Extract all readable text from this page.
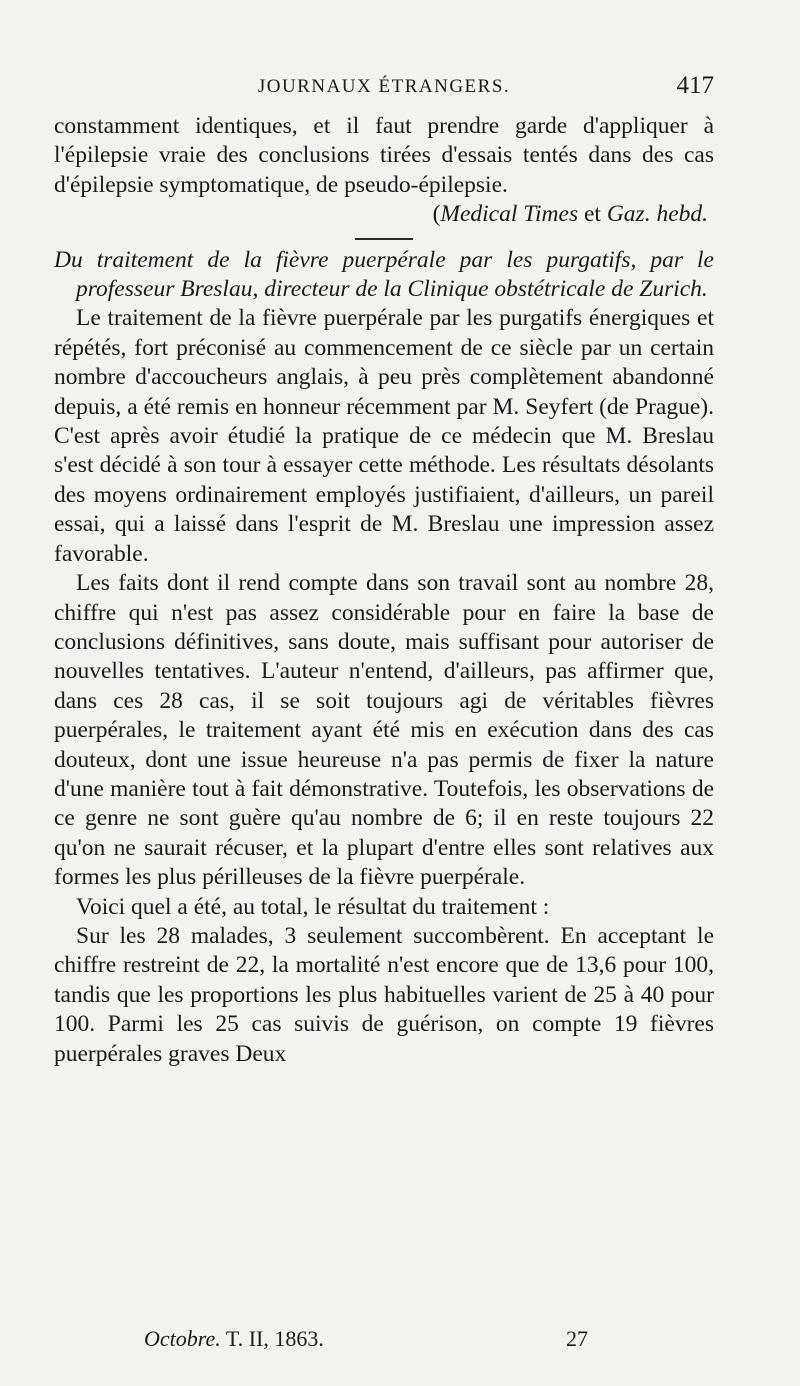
JOURNAUX ÉTRANGERS.	417

constamment identiques, et il faut prendre garde d'appliquer à l'épilepsie vraie des conclusions tirées d'essais tentés dans des cas d'épilepsie symptomatique, de pseudo-épilepsie.

(Medical Times et Gaz. hebd.

Du traitement de la fièvre puerpérale par les purgatifs, par le professeur Breslau, directeur de la Clinique obstétricale de Zurich.

Le traitement de la fièvre puerpérale par les purgatifs énergiques et répétés, fort préconisé au commencement de ce siècle par un certain nombre d'accoucheurs anglais, à peu près complètement abandonné depuis, a été remis en honneur récemment par M. Seyfert (de Prague). C'est après avoir étudié la pratique de ce médecin que M. Breslau s'est décidé à son tour à essayer cette méthode. Les résultats désolants des moyens ordinairement employés justifiaient, d'ailleurs, un pareil essai, qui a laissé dans l'esprit de M. Breslau une impression assez favorable.

Les faits dont il rend compte dans son travail sont au nombre 28, chiffre qui n'est pas assez considérable pour en faire la base de conclusions définitives, sans doute, mais suffisant pour autoriser de nouvelles tentatives. L'auteur n'entend, d'ailleurs, pas affirmer que, dans ces 28 cas, il se soit toujours agi de véritables fièvres puerpérales, le traitement ayant été mis en exécution dans des cas douteux, dont une issue heureuse n'a pas permis de fixer la nature d'une manière tout à fait démonstrative. Toutefois, les observations de ce genre ne sont guère qu'au nombre de 6; il en reste toujours 22 qu'on ne saurait récuser, et la plupart d'entre elles sont relatives aux formes les plus périlleuses de la fièvre puerpérale.

Voici quel a été, au total, le résultat du traitement :

Sur les 28 malades, 3 seulement succombèrent. En acceptant le chiffre restreint de 22, la mortalité n'est encore que de 13,6 pour 100, tandis que les proportions les plus habituelles varient de 25 à 40 pour 100. Parmi les 25 cas suivis de guérison, on compte 19 fièvres puerpérales graves Deux

Octobre. T. II, 1863.	27
